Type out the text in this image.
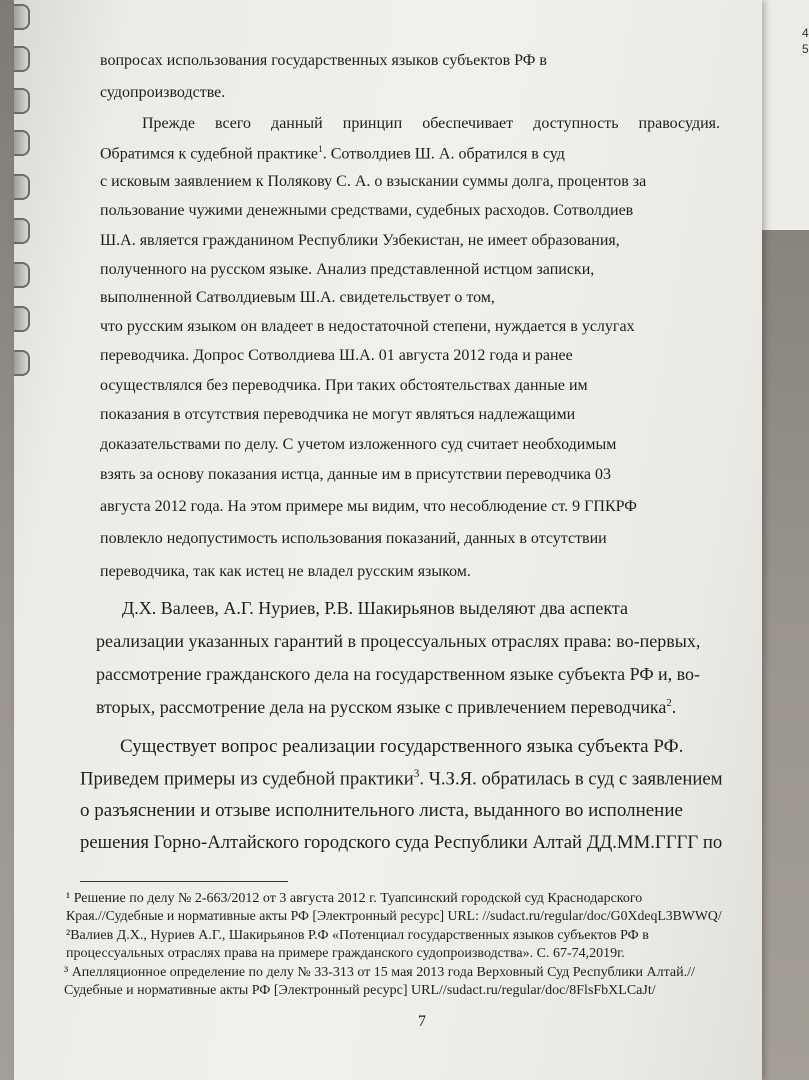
4
5
вопросах использования государственных языков субъектов РФ в
судопроизводстве.
Прежде всего данный принцип обеспечивает доступность правосудия.
Обратимся к судебной практике$^1$. Сотволдиев Ш. А. обратился в суд
с исковым заявлением к Полякову С. А. о взыскании суммы долга, процентов за
пользование чужими денежными средствами, судебных расходов. Сотволдиев
Ш.А. является гражданином Республики Узбекистан, не имеет образования,
полученного на русском языке. Анализ представленной истцом записки,
выполненной Сатволдиевым Ш.А. свидетельствует о том,
что русским языком он владеет в недостаточной степени, нуждается в услугах
переводчика. Допрос Сотволдиева Ш.А. 01 августа 2012 года и ранее
осуществлялся без переводчика. При таких обстоятельствах данные им
показания в отсутствия переводчика не могут являться надлежащими
доказательствами по делу. С учетом изложенного суд считает необходимым
взять за основу показания истца, данные им в присутствии переводчика 03
августа 2012 года. На этом примере мы видим, что несоблюдение ст. 9 ГПКРФ
повлекло недопустимость использования показаний, данных в отсутствии
переводчика, так как истец не владел русским языком.
Д.Х. Валеев, А.Г. Нуриев, Р.В. Шакирьянов выделяют два аспекта
реализации указанных гарантий в процессуальных отраслях права: во-первых,
рассмотрение гражданского дела на государственном языке субъекта РФ и, во-
вторых, рассмотрение дела на русском языке с привлечением переводчика$^2$.
Существует вопрос реализации государственного языка субъекта РФ.
Приведем примеры из судебной практики$^3$. Ч.З.Я. обратилась в суд с заявлением
о разъяснении и отзыве исполнительного листа, выданного во исполнение
решения Горно-Алтайского городского суда Республики Алтай ДД.ММ.ГГГГ по
¹ Решение по делу № 2-663/2012 от 3 августа 2012 г. Туапсинский городской суд Краснодарского
Края.//Судебные и нормативные акты РФ [Электронный ресурс] URL: //sudact.ru/regular/doc/G0XdeqL3BWWQ/
²Валиев Д.Х., Нуриев А.Г., Шакирьянов Р.Ф «Потенциал государственных языков субъектов РФ в
процессуальных отраслях права на примере гражданского судопроизводства». С. 67-74,2019г.
³ Апелляционное определение по делу № 33-313 от 15 мая 2013 года Верховный Суд Республики Алтай.//
Судебные и нормативные акты РФ [Электронный ресурс] URL//sudact.ru/regular/doc/8FlsFbXLCaJt/
7
